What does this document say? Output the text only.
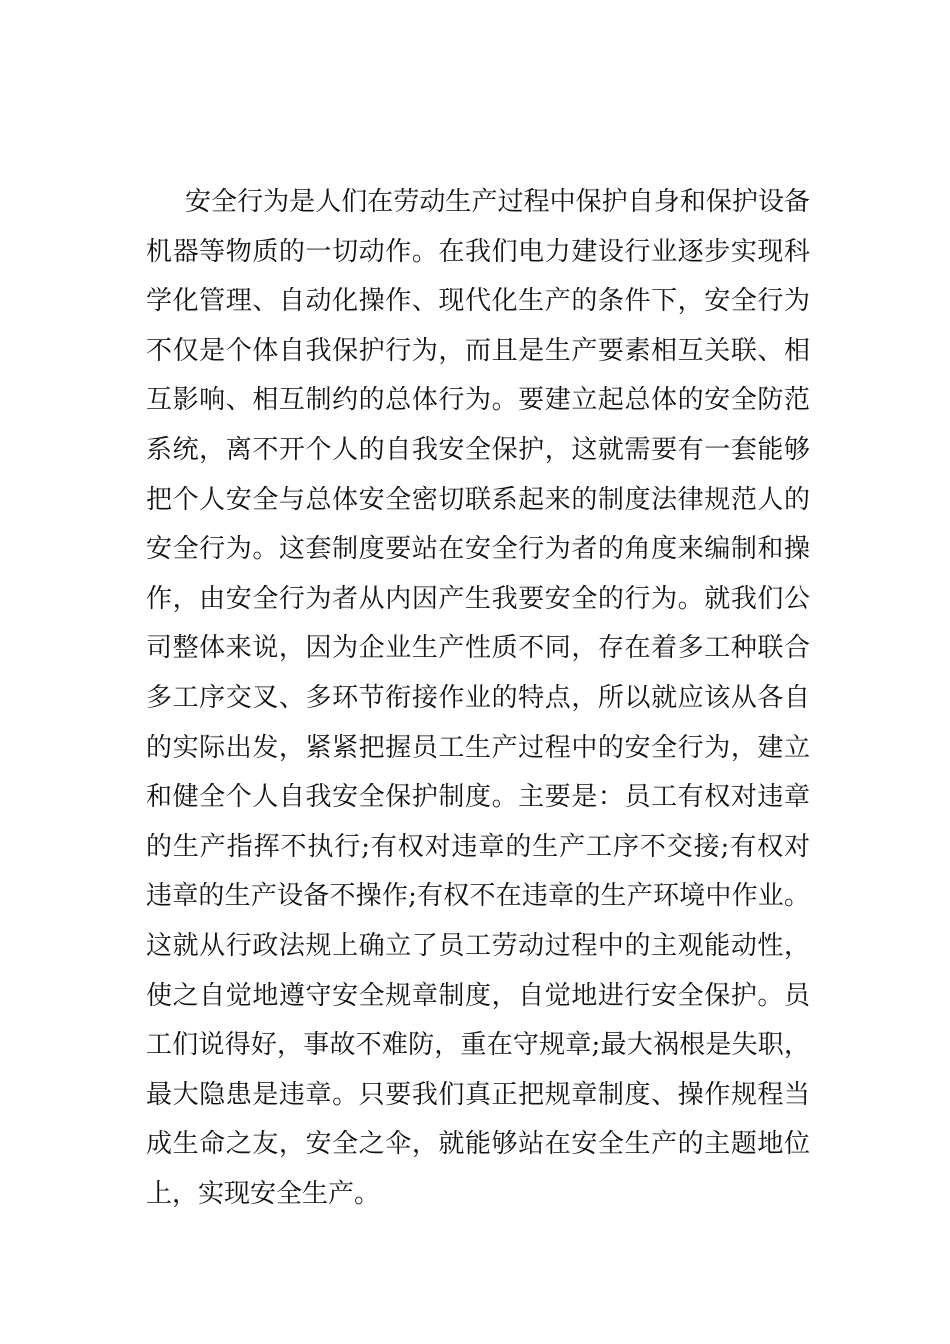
安全行为是人们在劳动生产过程中保护自身和保护设备
机器等物质的一切动作。在我们电力建设行业逐步实现科
学化管理、自动化操作、现代化生产的条件下，安全行为
不仅是个体自我保护行为，而且是生产要素相互关联、相
互影响、相互制约的总体行为。要建立起总体的安全防范
系统，离不开个人的自我安全保护，这就需要有一套能够
把个人安全与总体安全密切联系起来的制度法律规范人的
安全行为。这套制度要站在安全行为者的角度来编制和操
作，由安全行为者从内因产生我要安全的行为。就我们公
司整体来说，因为企业生产性质不同，存在着多工种联合
多工序交叉、多环节衔接作业的特点，所以就应该从各自
的实际出发，紧紧把握员工生产过程中的安全行为，建立
和健全个人自我安全保护制度。主要是：员工有权对违章
的生产指挥不执行;有权对违章的生产工序不交接;有权对
违章的生产设备不操作;有权不在违章的生产环境中作业。
这就从行政法规上确立了员工劳动过程中的主观能动性，
使之自觉地遵守安全规章制度，自觉地进行安全保护。员
工们说得好，事故不难防，重在守规章;最大祸根是失职，
最大隐患是违章。只要我们真正把规章制度、操作规程当
成生命之友，安全之伞，就能够站在安全生产的主题地位
上，实现安全生产。
